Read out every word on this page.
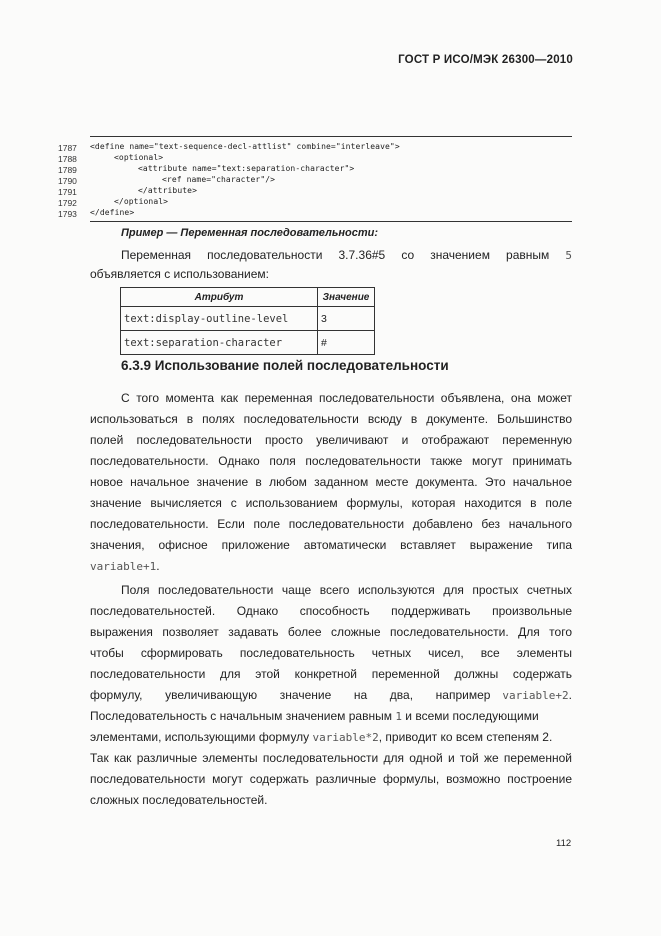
ГОСТ Р ИСО/МЭК 26300—2010
1787	<define name="text-sequence-decl-attlist" combine="interleave">
1788	<optional>
1789	<attribute name="text:separation-character">
1790	<ref name="character"/>
1791	</attribute>
1792	</optional>
1793	</define>
Пример — Переменная последовательности:
Переменная последовательности 3.7.36#5 со значением равным 5
объявляется с использованием:
Атрибут	Значение
text:display-outline-level	3
text:separation-character	#
6.3.9 Использование полей последовательности
С того момента как переменная последовательности объявлена, она может
использоваться в полях последовательности всюду в документе. Большинство
полей последовательности просто увеличивают и отображают переменную
последовательности. Однако поля последовательности также могут принимать
новое начальное значение в любом заданном месте документа. Это начальное
значение вычисляется с использованием формулы, которая находится в поле
последовательности. Если поле последовательности добавлено без начального
значения, офисное приложение автоматически вставляет выражение типа
variable+1.
Поля последовательности чаще всего используются для простых счетных
последовательностей. Однако способность поддерживать произвольные
выражения позволяет задавать более сложные последовательности. Для того
чтобы сформировать последовательность четных чисел, все элементы
последовательности для этой конкретной переменной должны содержать
формулу, увеличивающую значение на два, например	variable+2.
Последовательность с начальным значением равным 1 и всеми последующими
элементами, использующими формулу variable*2, приводит ко всем степеням 2.
Так как различные элементы последовательности для одной и той же переменной
последовательности могут содержать различные формулы, возможно построение
сложных последовательностей.
112
